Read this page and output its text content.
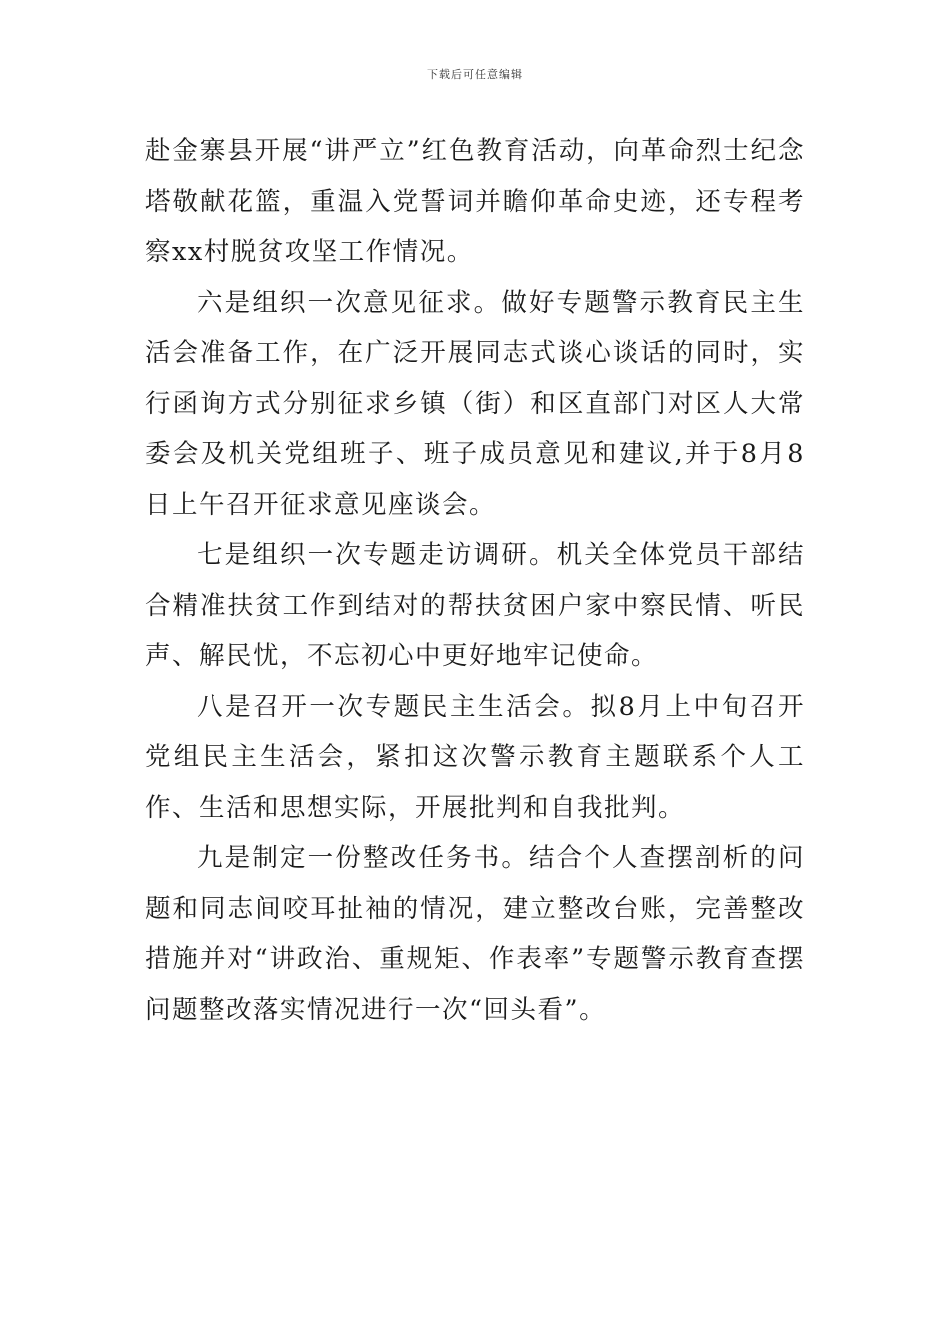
下载后可任意编辑

赴金寨县开展“讲严立”红色教育活动，向革命烈士纪念塔敬献花篮，重温入党誓词并瞻仰革命史迹，还专程考察xx村脱贫攻坚工作情况。

六是组织一次意见征求。做好专题警示教育民主生活会准备工作，在广泛开展同志式谈心谈话的同时，实行函询方式分别征求乡镇（街）和区直部门对区人大常委会及机关党组班子、班子成员意见和建议,并于8月8日上午召开征求意见座谈会。

七是组织一次专题走访调研。机关全体党员干部结合精准扶贫工作到结对的帮扶贫困户家中察民情、听民声、解民忧，不忘初心中更好地牢记使命。

八是召开一次专题民主生活会。拟8月上中旬召开党组民主生活会，紧扣这次警示教育主题联系个人工作、生活和思想实际，开展批判和自我批判。

九是制定一份整改任务书。结合个人查摆剖析的问题和同志间咬耳扯袖的情况，建立整改台账，完善整改措施并对“讲政治、重规矩、作表率”专题警示教育查摆问题整改落实情况进行一次“回头看”。
